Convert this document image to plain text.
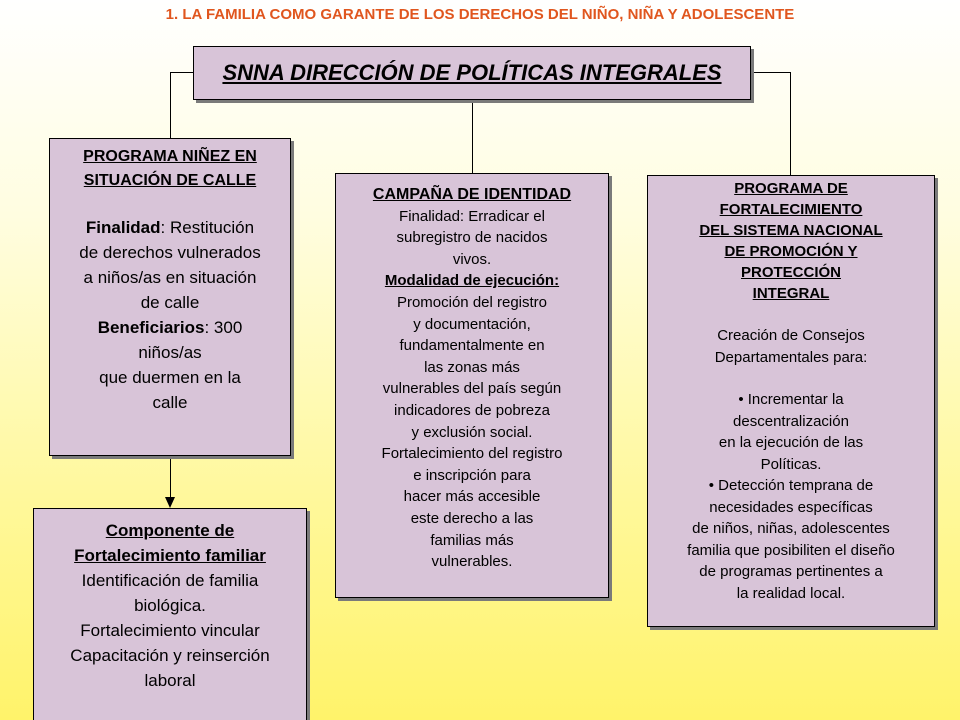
1. LA FAMILIA COMO GARANTE DE LOS DERECHOS DEL NIÑO, NIÑA Y ADOLESCENTE
SNNA DIRECCIÓN DE POLÍTICAS INTEGRALES
PROGRAMA NIÑEZ EN
SITUACIÓN DE CALLE

Finalidad: Restitución

de derechos vulnerados

a niños/as en situación

de calle

Beneficiarios: 300

niños/as

que duermen en la

calle

CAMPAÑA DE IDENTIDAD

Finalidad: Erradicar el

subregistro de nacidos

vivos.

Modalidad de ejecución:

Promoción del registro

y documentación,

fundamentalmente en

las zonas más

vulnerables del país según

indicadores de pobreza

y exclusión social.

Fortalecimiento del registro

e inscripción para

hacer más accesible

este derecho a las

familias más

vulnerables.

PROGRAMA DE
FORTALECIMIENTO
DEL SISTEMA NACIONAL
DE PROMOCIÓN Y
PROTECCIÓN
INTEGRAL

Creación de Consejos

Departamentales para:

• Incrementar la

descentralización

en la ejecución de las

Políticas.

• Detección temprana de

necesidades específicas

de niños, niñas, adolescentes

familia que posibiliten el diseño

de programas pertinentes a

la realidad local.

Componente de
Fortalecimiento familiar

Identificación de familia

biológica.

Fortalecimiento vincular

Capacitación y reinserción

laboral
